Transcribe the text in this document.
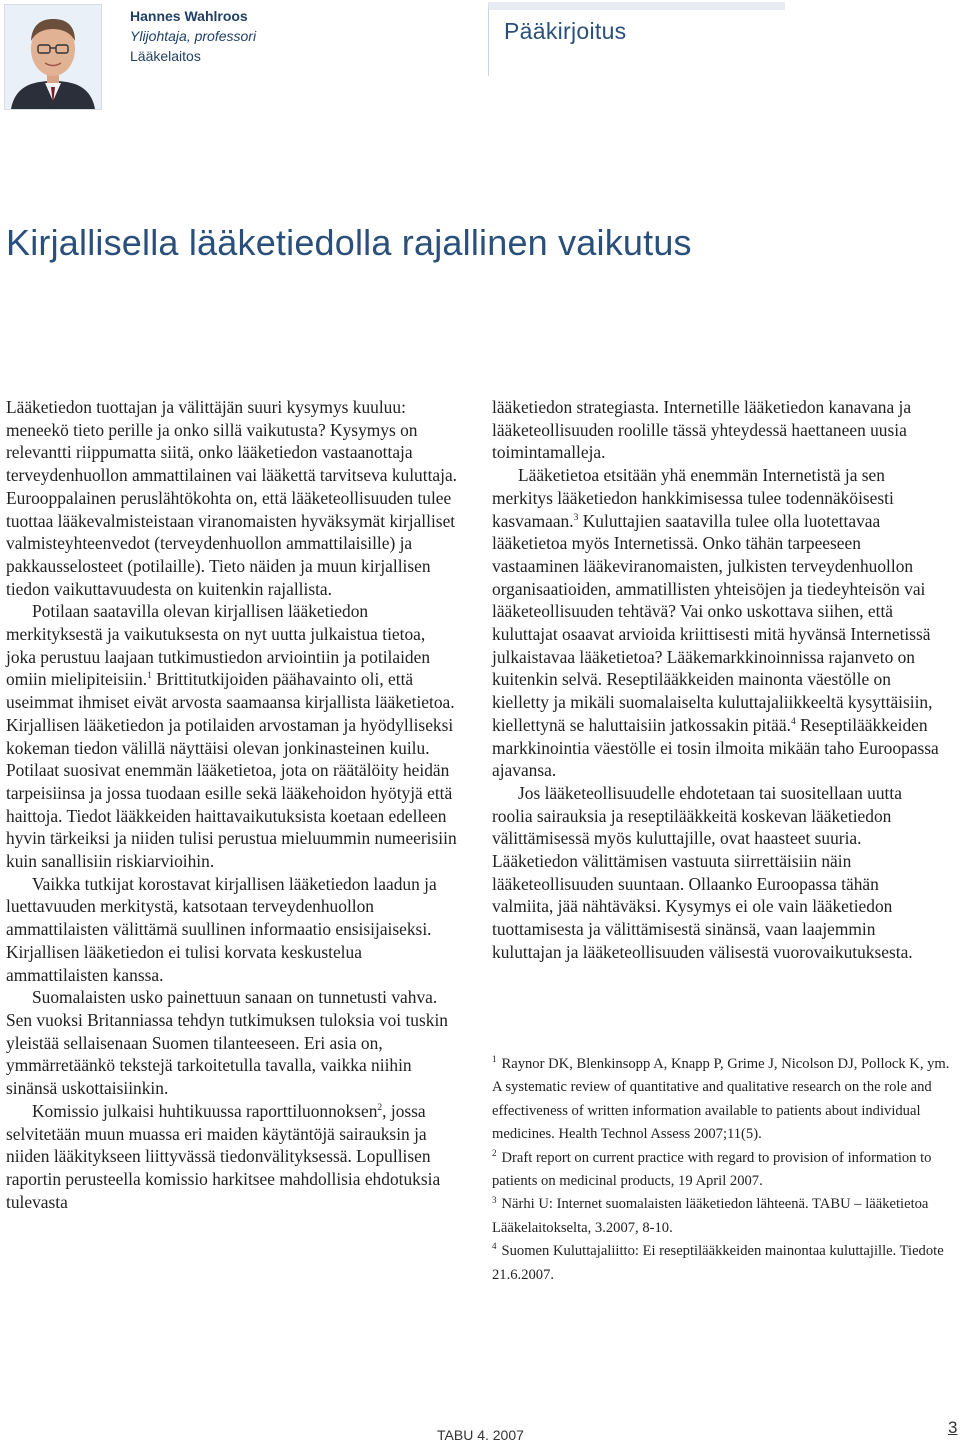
Hannes Wahlroos
Ylijohtaja, professori
Lääkelaitos
Pääkirjoitus
Kirjallisella lääketiedolla rajallinen vaikutus

Lääketiedon tuottajan ja välittäjän suuri kysymys kuuluu: meneekö tieto perille ja onko sillä vaikutusta? Kysymys on relevantti riippumatta siitä, onko lääketiedon vastaanottaja terveydenhuollon ammattilainen vai lääkettä tarvitseva kuluttaja. Eurooppalainen peruslähtökohta on, että lääketeollisuuden tulee tuottaa lääkevalmisteistaan viranomaisten hyväksymät kirjalliset valmisteyhteenvedot (terveydenhuollon ammattilaisille) ja pakkausselosteet (potilaille). Tieto näiden ja muun kirjallisen tiedon vaikuttavuudesta on kuitenkin rajallista.

Potilaan saatavilla olevan kirjallisen lääketiedon merkityksestä ja vaikutuksesta on nyt uutta julkaistua tietoa, joka perustuu laajaan tutkimustiedon arviointiin ja potilaiden omiin mielipiteisiin.$^1$ Brittitutkijoiden päähavainto oli, että useimmat ihmiset eivät arvosta saamaansa kirjallista lääketietoa. Kirjallisen lääketiedon ja potilaiden arvostaman ja hyödylliseksi kokeman tiedon välillä näyttäisi olevan jonkinasteinen kuilu. Potilaat suosivat enemmän lääketietoa, jota on räätälöity heidän tarpeisiinsa ja jossa tuodaan esille sekä lääkehoidon hyötyjä että haittoja. Tiedot lääkkeiden haittavaikutuksista koetaan edelleen hyvin tärkeiksi ja niiden tulisi perustua mieluummin numeerisiin kuin sanallisiin riskiarvioihin.

Vaikka tutkijat korostavat kirjallisen lääketiedon laadun ja luettavuuden merkitystä, katsotaan terveydenhuollon ammattilaisten välittämä suullinen informaatio ensisijaiseksi. Kirjallisen lääketiedon ei tulisi korvata keskustelua ammattilaisten kanssa.

Suomalaisten usko painettuun sanaan on tunnetusti vahva. Sen vuoksi Britanniassa tehdyn tutkimuksen tuloksia voi tuskin yleistää sellaisenaan Suomen tilanteeseen. Eri asia on, ymmärretäänkö tekstejä tarkoitetulla tavalla, vaikka niihin sinänsä uskottaisiinkin.

Komissio julkaisi huhtikuussa raporttiluonnoksen$^2$, jossa selvitetään muun muassa eri maiden käytäntöjä sairauksin ja niiden lääkitykseen liittyvässä tiedonvälityksessä. Lopullisen raportin perusteella komissio harkitsee mahdollisia ehdotuksia tulevasta

lääketiedon strategiasta. Internetille lääketiedon kanavana ja lääketeollisuuden roolille tässä yhteydessä haettaneen uusia toimintamalleja.

Lääketietoa etsitään yhä enemmän Internetistä ja sen merkitys lääketiedon hankkimisessa tulee todennäköisesti kasvamaan.$^3$ Kuluttajien saatavilla tulee olla luotettavaa lääketietoa myös Internetissä. Onko tähän tarpeeseen vastaaminen lääkeviranomaisten, julkisten terveydenhuollon organisaatioiden, ammatillisten yhteisöjen ja tiedeyhteisön vai lääketeollisuuden tehtävä? Vai onko uskottava siihen, että kuluttajat osaavat arvioida kriittisesti mitä hyvänsä Internetissä julkaistavaa lääketietoa? Lääkemarkkinoinnissa rajanveto on kuitenkin selvä. Reseptilääkkeiden mainonta väestölle on kielletty ja mikäli suomalaiselta kuluttajaliikkeeltä kysyttäisiin, kiellettynä se haluttaisiin jatkossakin pitää.$^4$ Reseptilääkkeiden markkinointia väestölle ei tosin ilmoita mikään taho Euroopassa ajavansa.

Jos lääketeollisuudelle ehdotetaan tai suositellaan uutta roolia sairauksia ja reseptilääkkeitä koskevan lääketiedon välittämisessä myös kuluttajille, ovat haasteet suuria. Lääketiedon välittämisen vastuuta siirrettäisiin näin lääketeollisuuden suuntaan. Ollaanko Euroopassa tähän valmiita, jää nähtäväksi. Kysymys ei ole vain lääketiedon tuottamisesta ja välittämisestä sinänsä, vaan laajemmin kuluttajan ja lääketeollisuuden välisestä vuorovaikutuksesta.

$^1$ Raynor DK, Blenkinsopp A, Knapp P, Grime J, Nicolson DJ, Pollock K, ym. A systematic review of quantitative and qualitative research on the role and effectiveness of written information available to patients about individual medicines. Health Technol Assess 2007;11(5).

$^2$ Draft report on current practice with regard to provision of information to patients on medicinal products, 19 April 2007.

$^3$ Närhi U: Internet suomalaisten lääketiedon lähteenä. TABU – lääketietoa Lääkelaitokselta, 3.2007, 8-10.

$^4$ Suomen Kuluttajaliitto: Ei reseptilääkkeiden mainontaa kuluttajille. Tiedote 21.6.2007.

TABU 4. 2007	3
